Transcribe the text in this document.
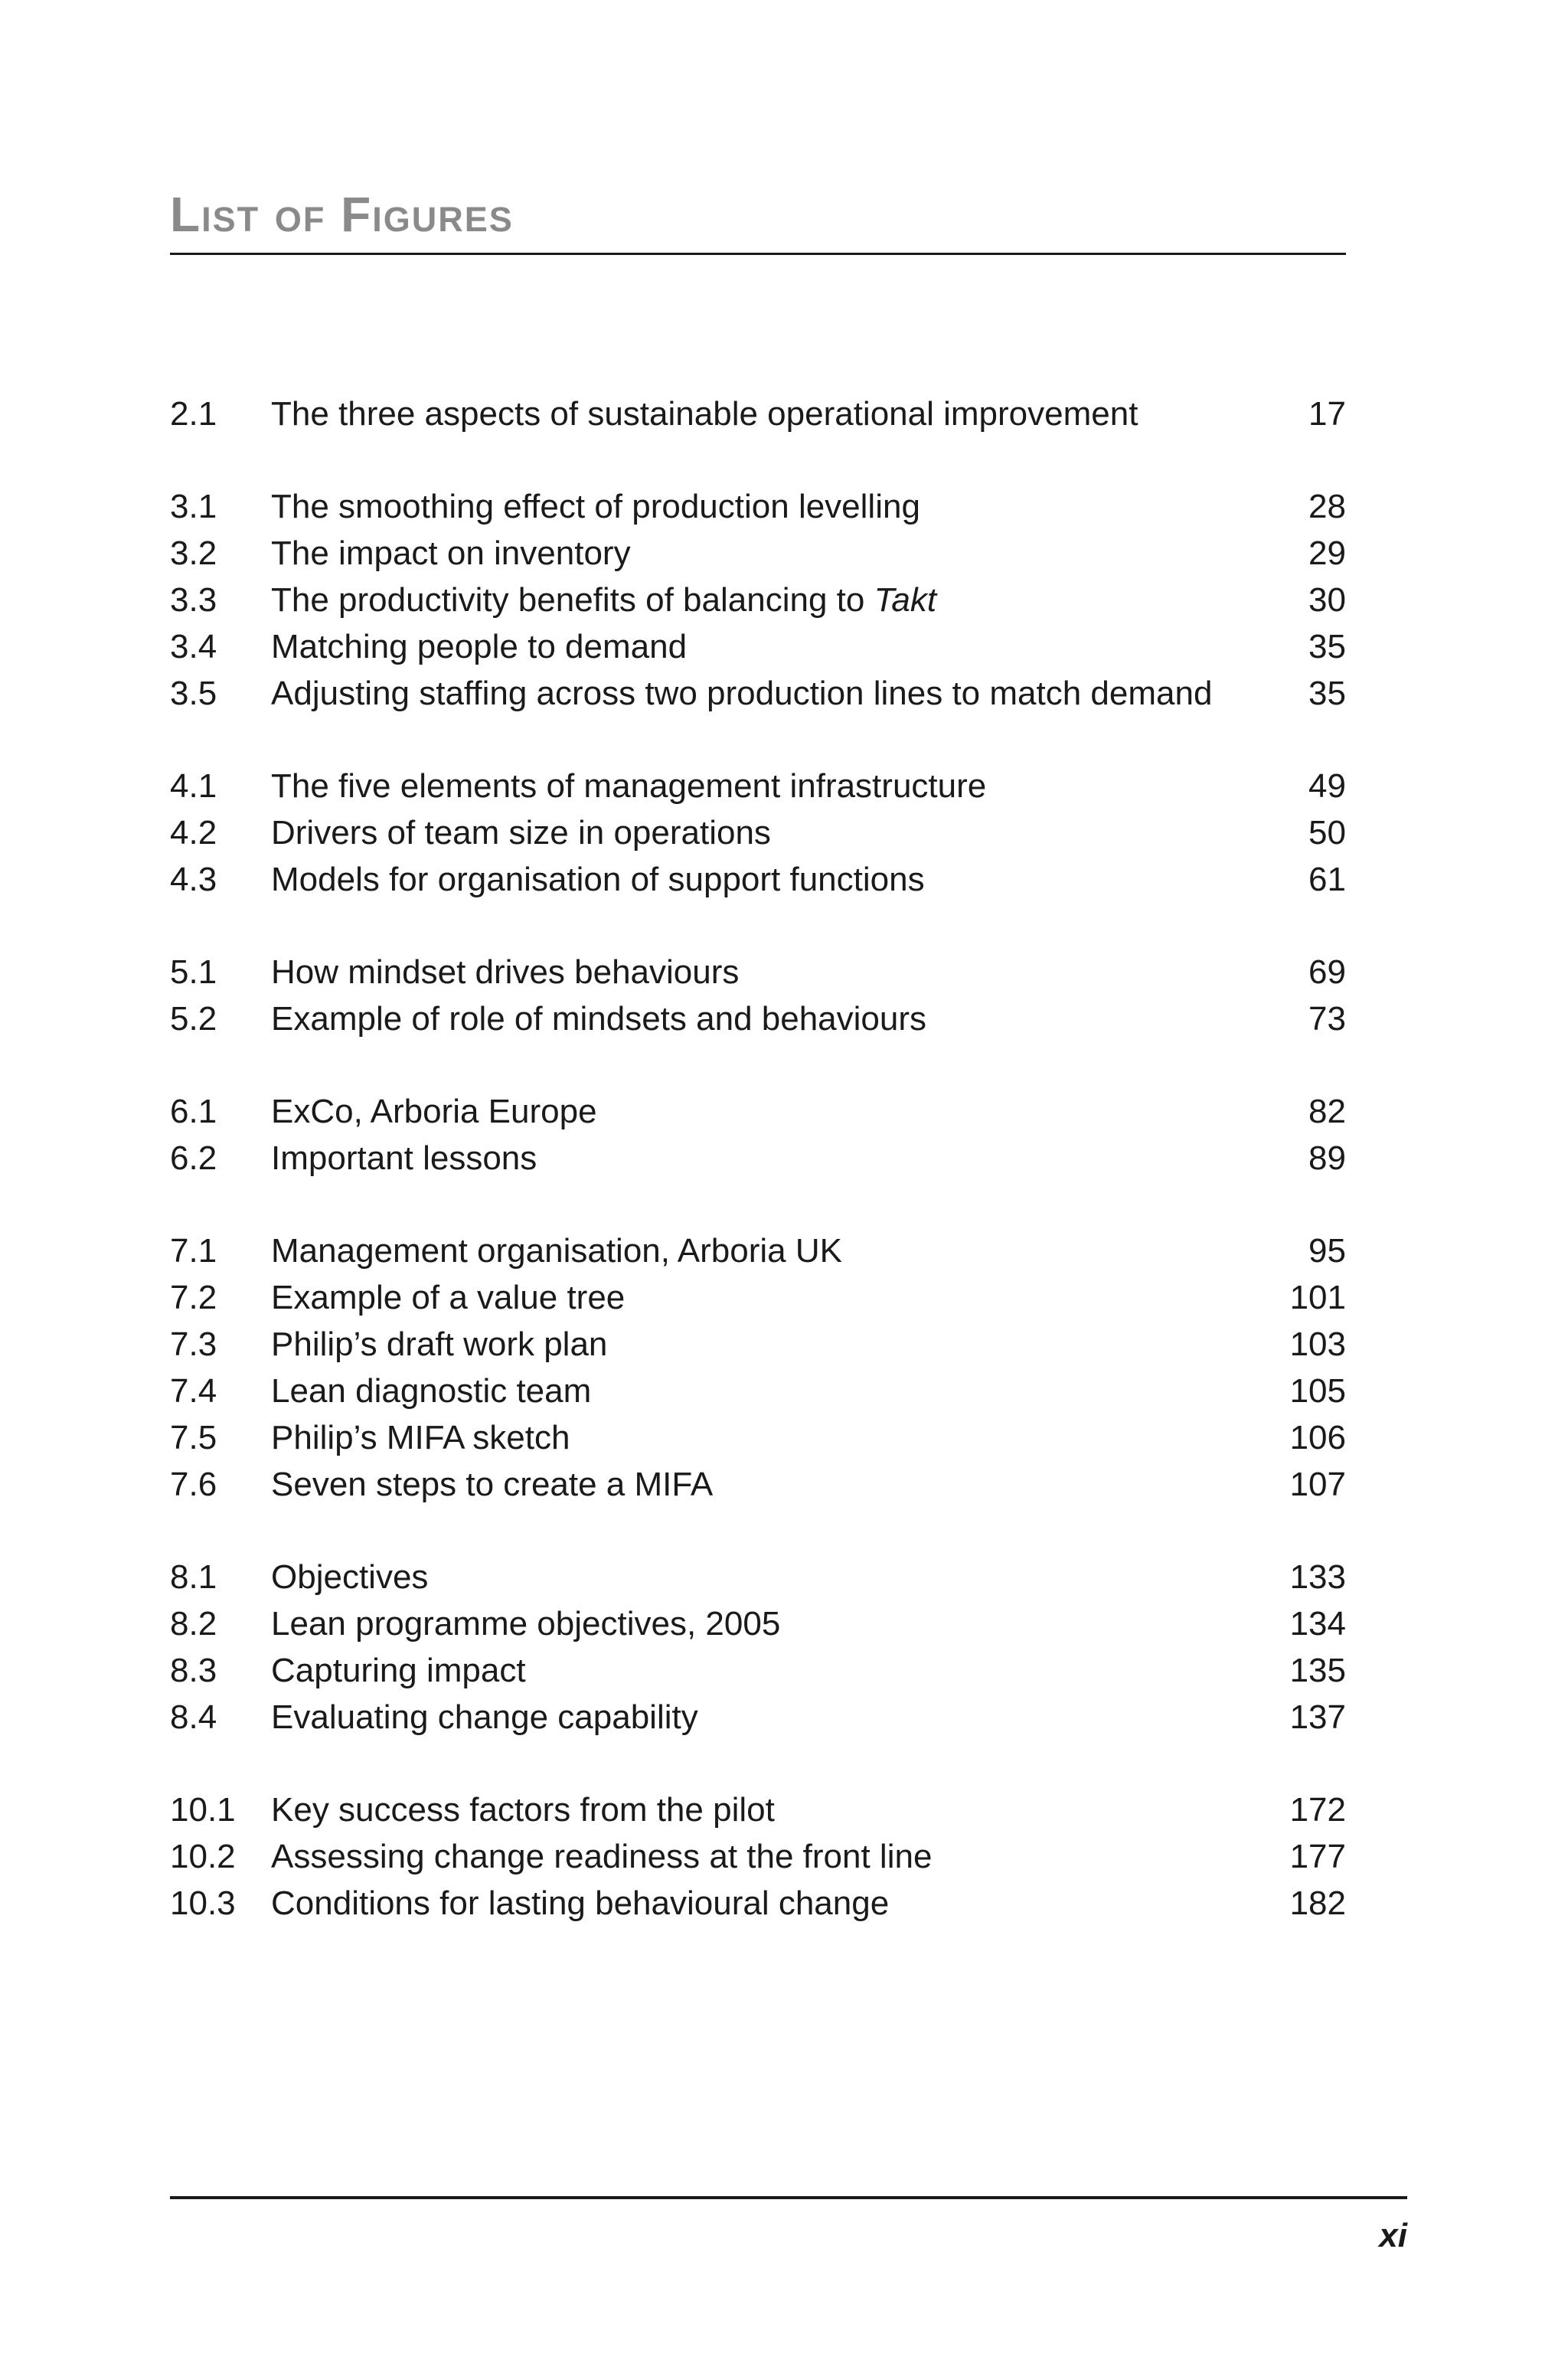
List of Figures
2.1	The three aspects of sustainable operational improvement	17
3.1	The smoothing effect of production levelling	28
3.2	The impact on inventory	29
3.3	The productivity benefits of balancing to Takt	30
3.4	Matching people to demand	35
3.5	Adjusting staffing across two production lines to match demand	35
4.1	The five elements of management infrastructure	49
4.2	Drivers of team size in operations	50
4.3	Models for organisation of support functions	61
5.1	How mindset drives behaviours	69
5.2	Example of role of mindsets and behaviours	73
6.1	ExCo, Arboria Europe	82
6.2	Important lessons	89
7.1	Management organisation, Arboria UK	95
7.2	Example of a value tree	101
7.3	Philip’s draft work plan	103
7.4	Lean diagnostic team	105
7.5	Philip’s MIFA sketch	106
7.6	Seven steps to create a MIFA	107
8.1	Objectives	133
8.2	Lean programme objectives, 2005	134
8.3	Capturing impact	135
8.4	Evaluating change capability	137
10.1	Key success factors from the pilot	172
10.2	Assessing change readiness at the front line	177
10.3	Conditions for lasting behavioural change	182
xi
